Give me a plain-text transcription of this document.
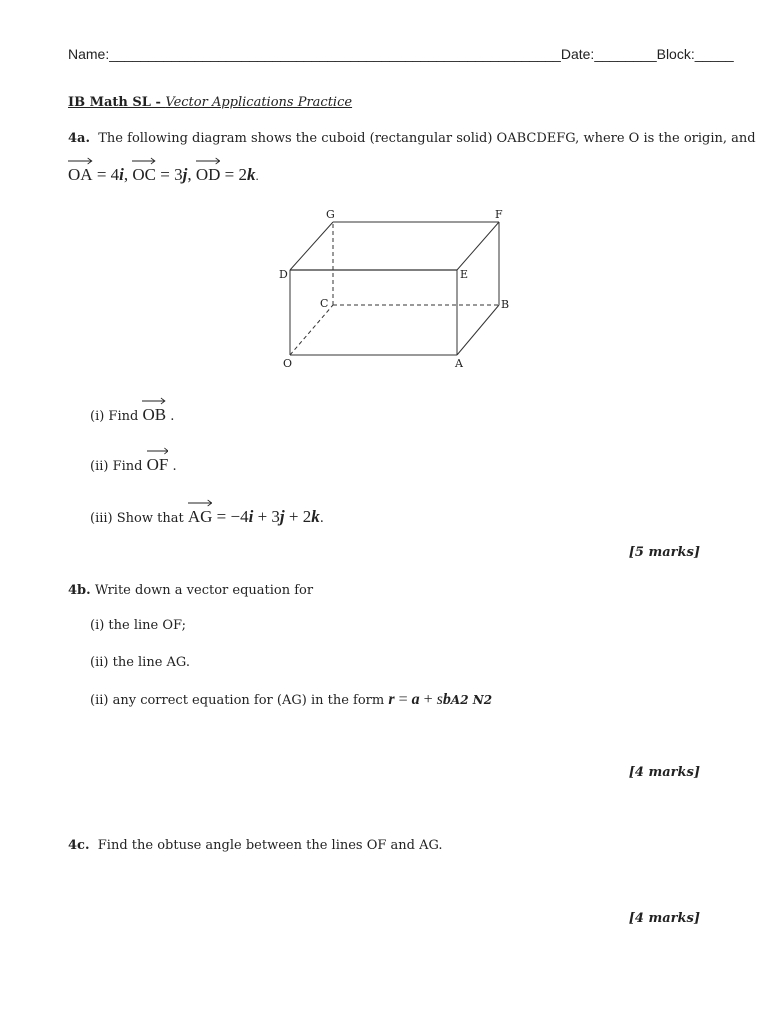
Name:__________________________________________________________Date:________Block:_____
IB Math SL - Vector Applications Practice
4a. The following diagram shows the cuboid (rectangular solid) OABCDEFG, where O is the origin, and
OA = 4i, OC = 3j, OD = 2k.
G	F
D	E
C	B
O	A
(i) Find OB .
(ii) Find OF .
(iii) Show that AG = −4i + 3j + 2k.
[5 marks]
4b. Write down a vector equation for
(i) the line OF;
(ii) the line AG.
(ii) any correct equation for (AG) in the form r = a + sbA2 N2
[4 marks]
4c. Find the obtuse angle between the lines OF and AG.
[4 marks]
